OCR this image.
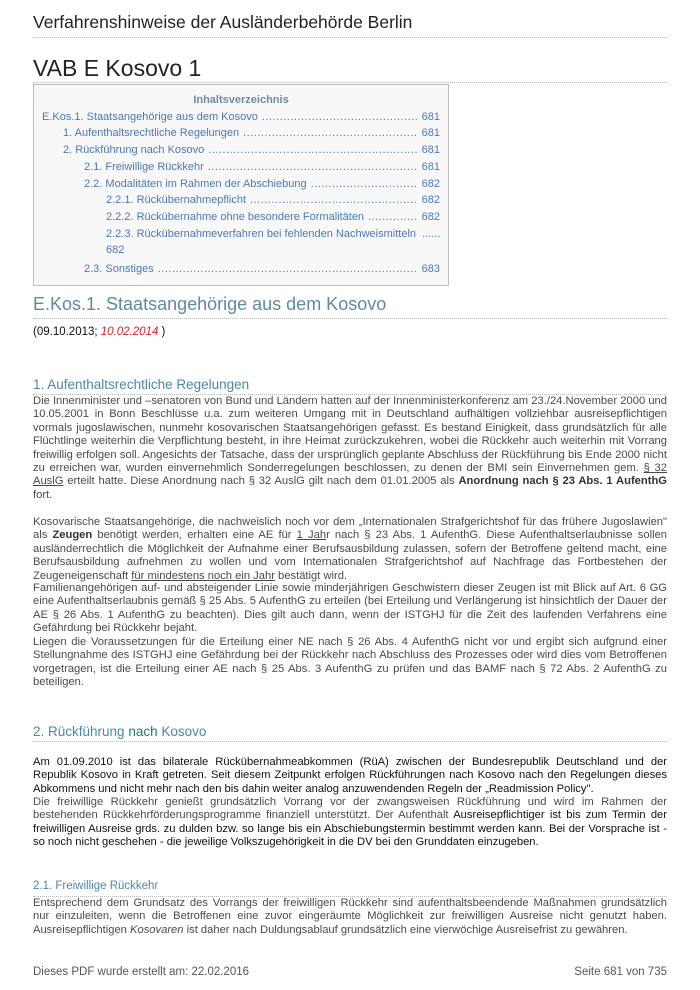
Verfahrenshinweise der Ausländerbehörde Berlin
VAB E Kosovo 1
Inhaltsverzeichnis
E.Kos.1. Staatsangehörige aus dem Kosovo .....	681
1. Aufenthaltsrechtliche Regelungen .....	681
2. Rückführung nach Kosovo .....	681
2.1. Freiwillige Rückkehr .....	681
2.2. Modalitäten im Rahmen der Abschiebung .....	682
2.2.1. Rückübernahmepflicht .....	682
2.2.2. Rückübernahme ohne besondere Formalitäten .....	682
2.2.3. Rückübernahmeverfahren bei fehlenden Nachweismitteln ......
682
2.3. Sonstiges .....	683
E.Kos.1. Staatsangehörige aus dem Kosovo
(09.10.2013; 10.02.2014 )
1. Aufenthaltsrechtliche Regelungen
Die Innenminister und –senatoren von Bund und Ländern hatten auf der Innenministerkonferenz am 23./24.November 2000 und 10.05.2001 in Bonn Beschlüsse u.a. zum weiteren Umgang mit in Deutschland aufhältigen vollziehbar ausreisepflichtigen vormals jugoslawischen, nunmehr kosovarischen Staatsangehörigen gefasst. Es bestand Einigkeit, dass grundsätzlich für alle Flüchtlinge weiterhin die Verpflichtung besteht, in ihre Heimat zurückzukehren, wobei die Rückkehr auch weiterhin mit Vorrang freiwillig erfolgen soll. Angesichts der Tatsache, dass der ursprünglich geplante Abschluss der Rückführung bis Ende 2000 nicht zu erreichen war, wurden einvernehmlich Sonderregelungen beschlossen, zu denen der BMI sein Einvernehmen gem. § 32 AuslG erteilt hatte. Diese Anordnung nach § 32 AuslG gilt nach dem 01.01.2005 als Anordnung nach § 23 Abs. 1 AufenthG fort.
Kosovarische Staatsangehörige, die nachweislich noch vor dem „Internationalen Strafgerichtshof für das frühere Jugoslawien" als Zeugen benötigt werden, erhalten eine AE für 1 Jahr nach § 23 Abs. 1 AufenthG. Diese Aufenthaltserlaubnisse sollen ausländerrechtlich die Möglichkeit der Aufnahme einer Berufsausbildung zulassen, sofern der Betroffene geltend macht, eine Berufsausbildung aufnehmen zu wollen und vom Internationalen Strafgerichtshof auf Nachfrage das Fortbestehen der Zeugeneigenschaft für mindestens noch ein Jahr bestätigt wird.
Familienangehörigen auf- und absteigender Linie sowie minderjährigen Geschwistern dieser Zeugen ist mit Blick auf Art. 6 GG eine Aufenthaltserlaubnis gemäß § 25 Abs. 5 AufenthG zu erteilen (bei Erteilung und Verlängerung ist hinsichtlich der Dauer der AE § 26 Abs. 1 AufenthG zu beachten). Dies gilt auch dann, wenn der ISTGHJ für die Zeit des laufenden Verfahrens eine Gefährdung bei Rückkehr bejaht.
Liegen die Voraussetzungen für die Erteilung einer NE nach § 26 Abs. 4 AufenthG nicht vor und ergibt sich aufgrund einer Stellungnahme des ISTGHJ eine Gefährdung bei der Rückkehr nach Abschluss des Prozesses oder wird dies vom Betroffenen vorgetragen, ist die Erteilung einer AE nach § 25 Abs. 3 AufenthG zu prüfen und das BAMF nach § 72 Abs. 2 AufenthG zu beteiligen.
2. Rückführung nach Kosovo
Am 01.09.2010 ist das bilaterale Rückübernahmeabkommen (RüA) zwischen der Bundesrepublik Deutschland und der Republik Kosovo in Kraft getreten. Seit diesem Zeitpunkt erfolgen Rückführungen nach Kosovo nach den Regelungen dieses Abkommens und nicht mehr nach den bis dahin weiter analog anzuwendenden Regeln der „Readmission Policy".
Die freiwillige Rückkehr genießt grundsätzlich Vorrang vor der zwangsweisen Rückführung und wird im Rahmen der bestehenden Rückkehrförderungsprogramme finanziell unterstützt. Der Aufenthalt Ausreisepflichtiger ist bis zum Termin der freiwilligen Ausreise grds. zu dulden bzw. so lange bis ein Abschiebungstermin bestimmt werden kann. Bei der Vorsprache ist - so noch nicht geschehen - die jeweilige Volkszugehörigkeit in die DV bei den Grunddaten einzugeben.
2.1. Freiwillige Rückkehr
Entsprechend dem Grundsatz des Vorrangs der freiwilligen Rückkehr sind aufenthaltsbeendende Maßnahmen grundsätzlich nur einzuleiten, wenn die Betroffenen eine zuvor eingeräumte Möglichkeit zur freiwilligen Ausreise nicht genutzt haben. Ausreisepflichtigen Kosovaren ist daher nach Duldungsablauf grundsätzlich eine vierwöchige Ausreisefrist zu gewähren.
Dieses PDF wurde erstellt am: 22.02.2016	Seite 681 von 735
